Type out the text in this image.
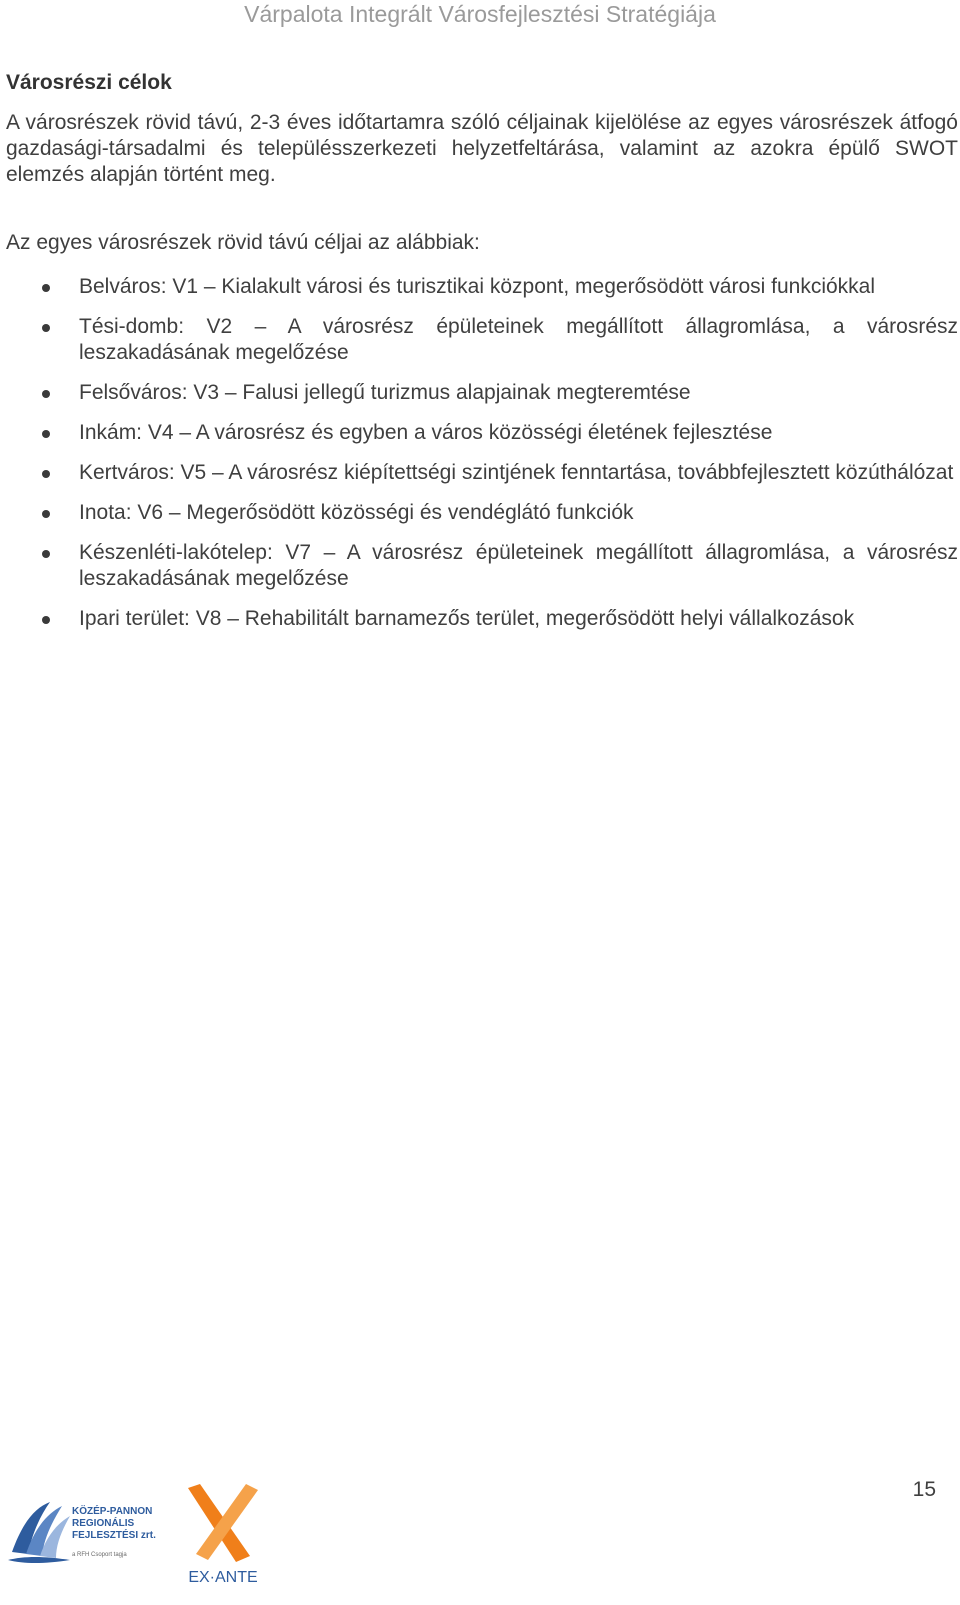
Várpalota Integrált Városfejlesztési Stratégiája
Városrészi célok

A városrészek rövid távú, 2-3 éves időtartamra szóló céljainak kijelölése az egyes városrészek átfogó gazdasági-társadalmi és településszerkezeti helyzetfeltárása, valamint az azokra épülő SWOT elemzés alapján történt meg.

Az egyes városrészek rövid távú céljai az alábbiak:

Belváros: V1 – Kialakult városi és turisztikai központ, megerősödött városi funkciókkal
Tési-domb: V2 – A városrész épületeinek megállított állagromlása, a városrész leszakadásának megelőzése
Felsőváros: V3 – Falusi jellegű turizmus alapjainak megteremtése
Inkám: V4 – A városrész és egyben a város közösségi életének fejlesztése
Kertváros: V5 – A városrész kiépítettségi szintjének fenntartása, továbbfejlesztett közúthálózat
Inota: V6 – Megerősödött közösségi és vendéglátó funkciók
Készenléti-lakótelep: V7 – A városrész épületeinek megállított állagromlása, a városrész leszakadásának megelőzése
Ipari terület: V8 – Rehabilitált barnamezős terület, megerősödött helyi vállalkozások
15
KÖZÉP-PANNON
REGIONÁLIS
FEJLESZTÉSI zrt.
a RFH Csoport tagja
EX·ANTE
